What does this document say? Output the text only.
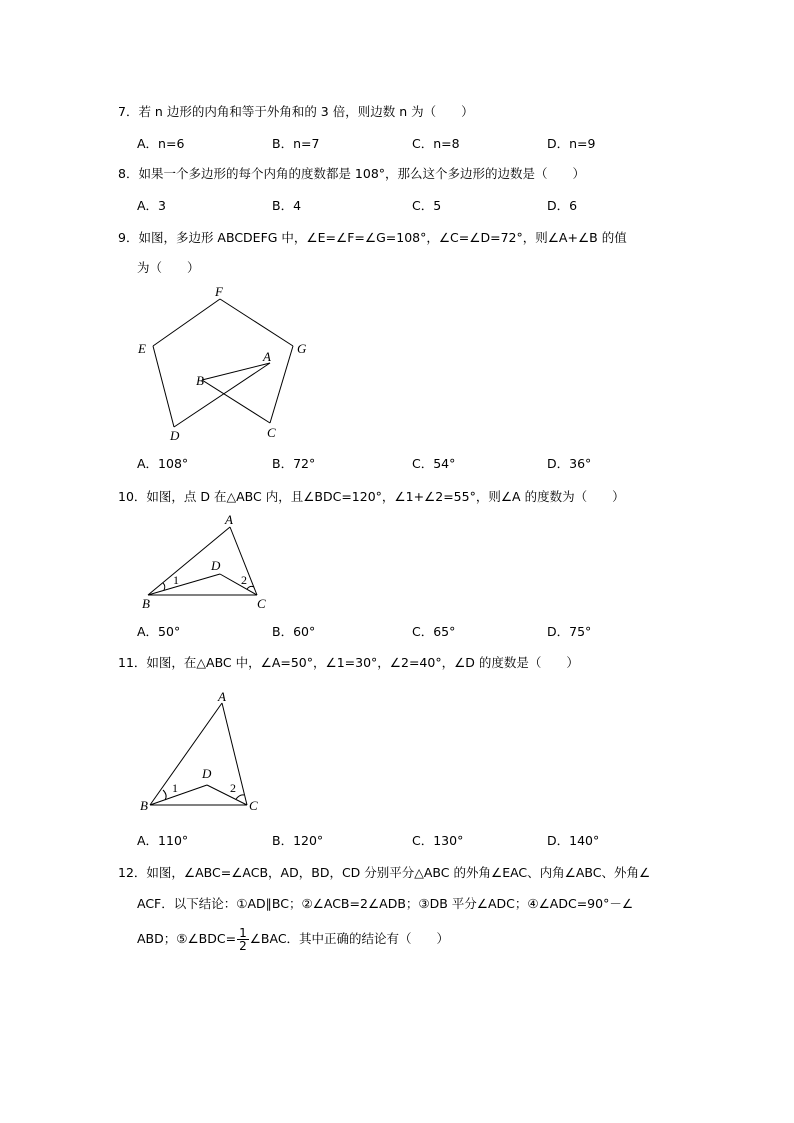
7．若 n 边形的内角和等于外角和的 3 倍，则边数 n 为（　　）
A．n=6	B．n=7	C．n=8	D．n=9
8．如果一个多边形的每个内角的度数都是 108°，那么这个多边形的边数是（　　）
A．3	B．4	C．5	D．6
9．如图，多边形 ABCDEFG 中，∠E=∠F=∠G=108°，∠C=∠D=72°，则∠A+∠B 的值
为（　　）
E
F
G
A
B
C
D
A．108°	B．72°	C．54°	D．36°
10．如图，点 D 在△ABC 内，且∠BDC=120°，∠1+∠2=55°，则∠A 的度数为（　　）
A
B	C
D
1	2
A．50°	B．60°	C．65°	D．75°
11．如图，在△ABC 中，∠A=50°，∠1=30°，∠2=40°，∠D 的度数是（　　）
A
B	C
D
1	2
A．110°	B．120°	C．130°	D．140°
12．如图，∠ABC=∠ACB，AD，BD，CD 分别平分△ABC 的外角∠EAC、内角∠ABC、外角∠
ACF．以下结论：①AD∥BC；②∠ACB=2∠ADB；③DB 平分∠ADC；④∠ADC=90°－∠
ABD；⑤∠BDC= $\frac{1}{2}$ ∠BAC．其中正确的结论有（　　）
